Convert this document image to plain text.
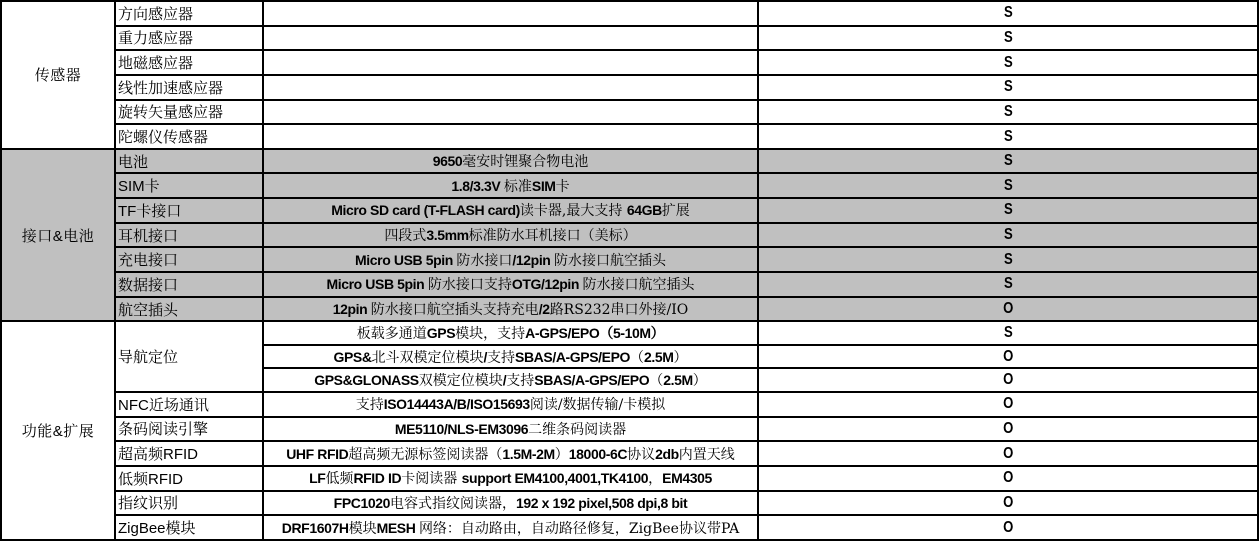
传感器	方向感应器		S
	重力感应器		S
	地磁感应器		S
	线性加速感应器		S
	旋转矢量感应器		S
	陀螺仪传感器		S
接口&电池	电池	9650毫安时锂聚合物电池	S
	SIM卡	1.8/3.3V 标准SIM卡	S
	TF卡接口	Micro SD card (T-FLASH card)读卡器,最大支持 64GB扩展	S
	耳机接口	四段式3.5mm标准防水耳机接口（美标）	S
	充电接口	Micro USB 5pin 防水接口/12pin 防水接口航空插头	S
	数据接口	Micro USB 5pin 防水接口支持OTG/12pin 防水接口航空插头	S
	航空插头	12pin 防水接口航空插头支持充电/2路RS232串口外接/IO	O
功能&扩展	导航定位	板载多通道GPS模块，支持A-GPS/EPO（5-10M）	S
		GPS&北斗双模定位模块/支持SBAS/A-GPS/EPO（2.5M）	O
		GPS&GLONASS双模定位模块/支持SBAS/A-GPS/EPO（2.5M）	O
	NFC近场通讯	支持ISO14443A/B/ISO15693阅读/数据传输/卡模拟	O
	条码阅读引擎	ME5110/NLS-EM3096二维条码阅读器	O
	超高频RFID	UHF RFID超高频无源标签阅读器（1.5M-2M）18000-6C协议2db内置天线	O
	低频RFID	LF低频RFID ID卡阅读器 support EM4100,4001,TK4100，EM4305	O
	指纹识别	FPC1020电容式指纹阅读器，192 x 192 pixel,508 dpi,8 bit	O
	ZigBee模块	DRF1607H模块MESH 网络：自动路由，自动路径修复，ZigBee协议带PA	O
